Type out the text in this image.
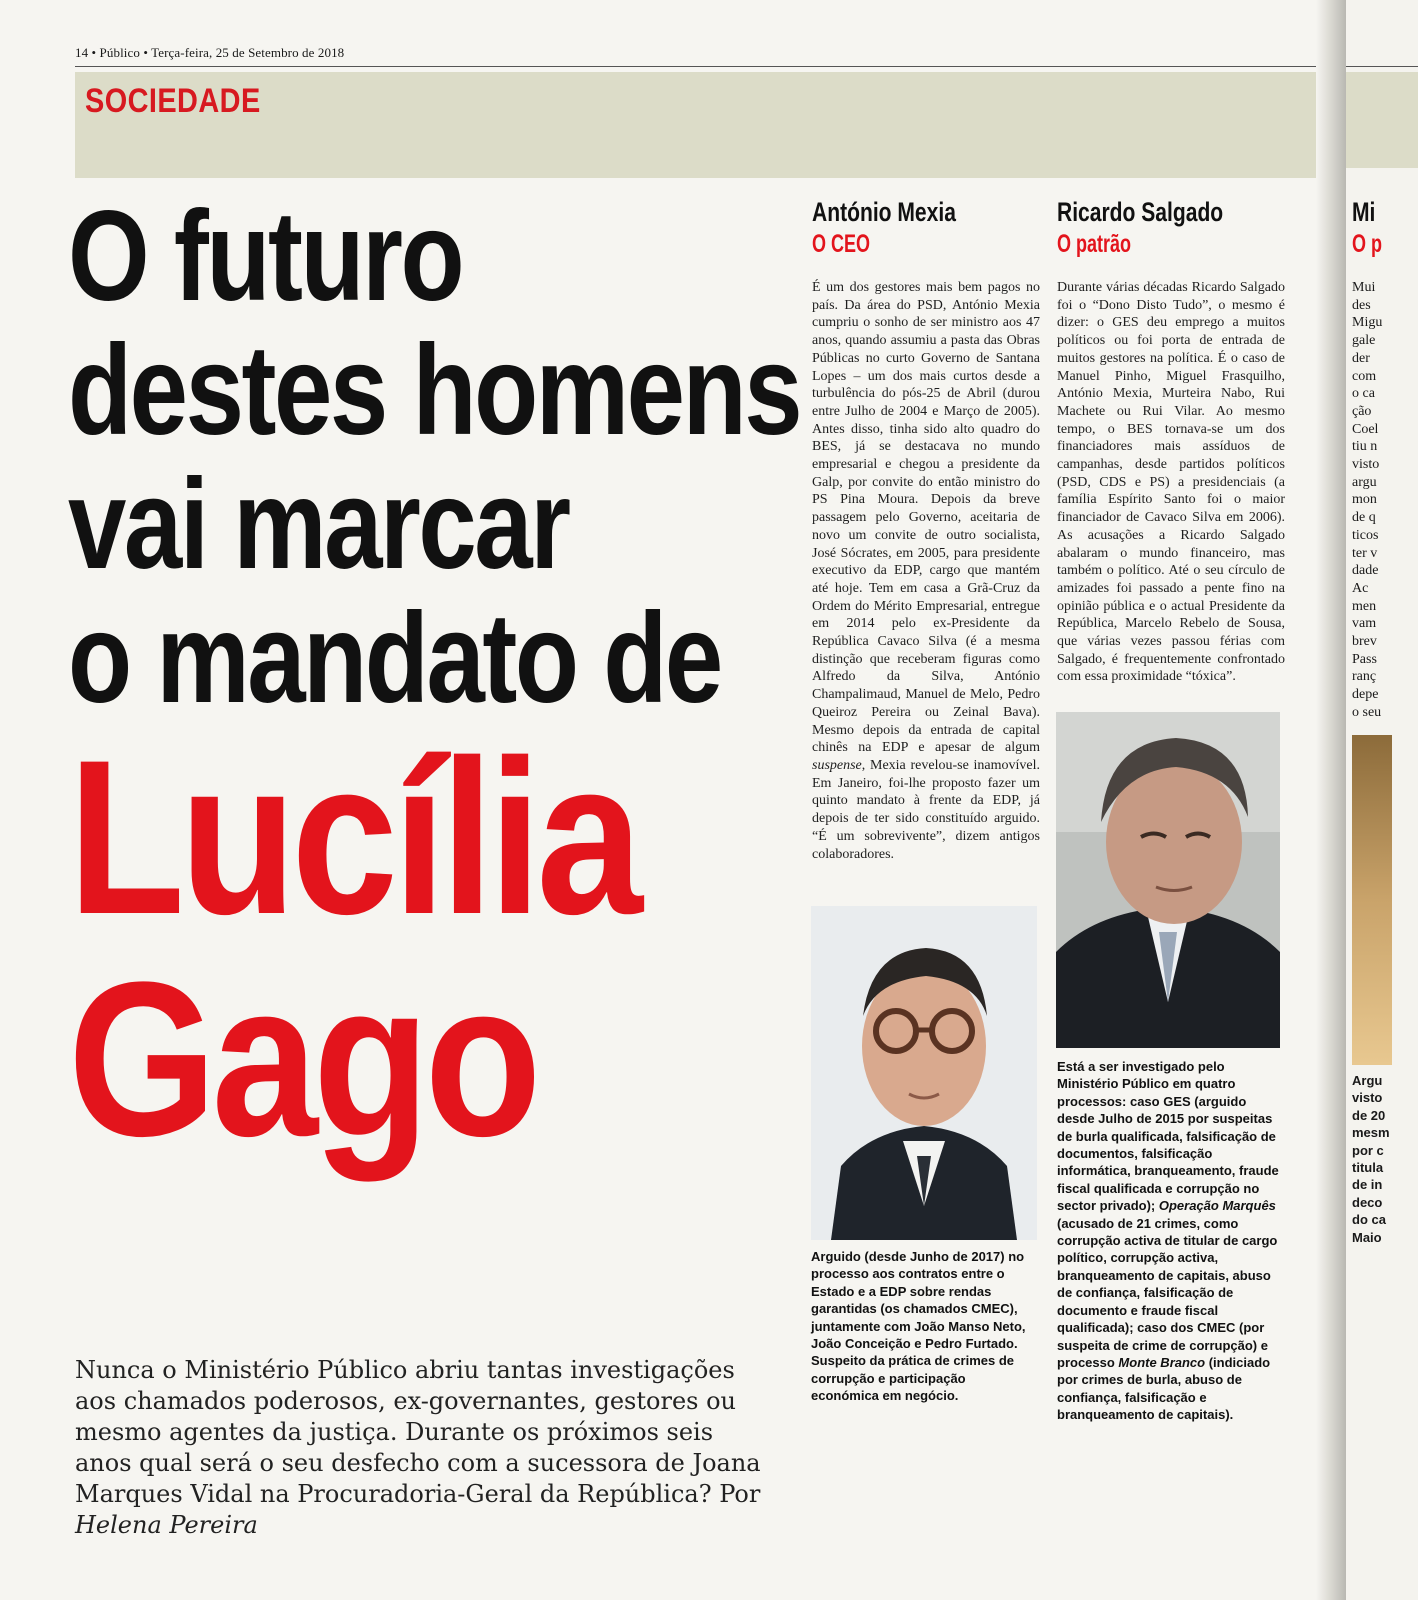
14 • Público • Terça-feira, 25 de Setembro de 2018
SOCIEDADE
O futuro
destes homens
vai marcar
o mandato de
Lucília
Gago

Nunca o Ministério Público abriu tantas investigações aos chamados poderosos, ex-governantes, gestores ou mesmo agentes da justiça. Durante os próximos seis anos qual será o seu desfecho com a sucessora de Joana Marques Vidal na Procuradoria-Geral da República? Por Helena Pereira

António Mexia
O CEO
É um dos gestores mais bem pagos no país. Da área do PSD, António Mexia cumpriu o sonho de ser ministro aos 47 anos, quando assumiu a pasta das Obras Públicas no curto Governo de Santana Lopes – um dos mais curtos desde a turbulência do pós-25 de Abril (durou entre Julho de 2004 e Março de 2005). Antes disso, tinha sido alto quadro do BES, já se destacava no mundo empresarial e chegou a presidente da Galp, por convite do então ministro do PS Pina Moura. Depois da breve passagem pelo Governo, aceitaria de novo um convite de outro socialista, José Sócrates, em 2005, para presidente executivo da EDP, cargo que mantém até hoje. Tem em casa a Grã-Cruz da Ordem do Mérito Empresarial, entregue em 2014 pelo ex-Presidente da República Cavaco Silva (é a mesma distinção que receberam figuras como Alfredo da Silva, António Champalimaud, Manuel de Melo, Pedro Queiroz Pereira ou Zeinal Bava). Mesmo depois da entrada de capital chinês na EDP e apesar de algum suspense, Mexia revelou-se inamovível. Em Janeiro, foi-lhe proposto fazer um quinto mandato à frente da EDP, já depois de ter sido constituído arguido. “É um sobrevivente”, dizem antigos colaboradores.
Arguido (desde Junho de 2017) no processo aos contratos entre o Estado e a EDP sobre rendas garantidas (os chamados CMEC), juntamente com João Manso Neto, João Conceição e Pedro Furtado. Suspeito da prática de crimes de corrupção e participação económica em negócio.
Ricardo Salgado
O patrão
Durante várias décadas Ricardo Salgado foi o “Dono Disto Tudo”, o mesmo é dizer: o GES deu emprego a muitos políticos ou foi porta de entrada de muitos gestores na política. É o caso de Manuel Pinho, Miguel Frasquilho, António Mexia, Murteira Nabo, Rui Machete ou Rui Vilar. Ao mesmo tempo, o BES tornava-se um dos financiadores mais assíduos de campanhas, desde partidos políticos (PSD, CDS e PS) a presidenciais (a família Espírito Santo foi o maior financiador de Cavaco Silva em 2006). As acusações a Ricardo Salgado abalaram o mundo financeiro, mas também o político. Até o seu círculo de amizades foi passado a pente fino na opinião pública e o actual Presidente da República, Marcelo Rebelo de Sousa, que várias vezes passou férias com Salgado, é frequentemente confrontado com essa proximidade “tóxica”.
Está a ser investigado pelo Ministério Público em quatro processos: caso GES (arguido desde Julho de 2015 por suspeitas de burla qualificada, falsificação de documentos, falsificação informática, branqueamento, fraude fiscal qualificada e corrupção no sector privado); Operação Marquês (acusado de 21 crimes, como corrupção activa de titular de cargo político, corrupção activa, branqueamento de capitais, abuso de confiança, falsificação de documento e fraude fiscal qualificada); caso dos CMEC (por suspeita de crime de corrupção) e processo Monte Branco (indiciado por crimes de burla, abuso de confiança, falsificação e branqueamento de capitais).
Mi
O p
Mui
des
Migu
gale
der
com
o ca
ção
Coel
tiu n
visto
argu
mon
de q
ticos
ter v
dade
Ac
men
vam
brev
Pass
ranç
depe
o seu
Argu
visto
de 20
mesm
por c
titula
de in
deco
do ca
Maio
